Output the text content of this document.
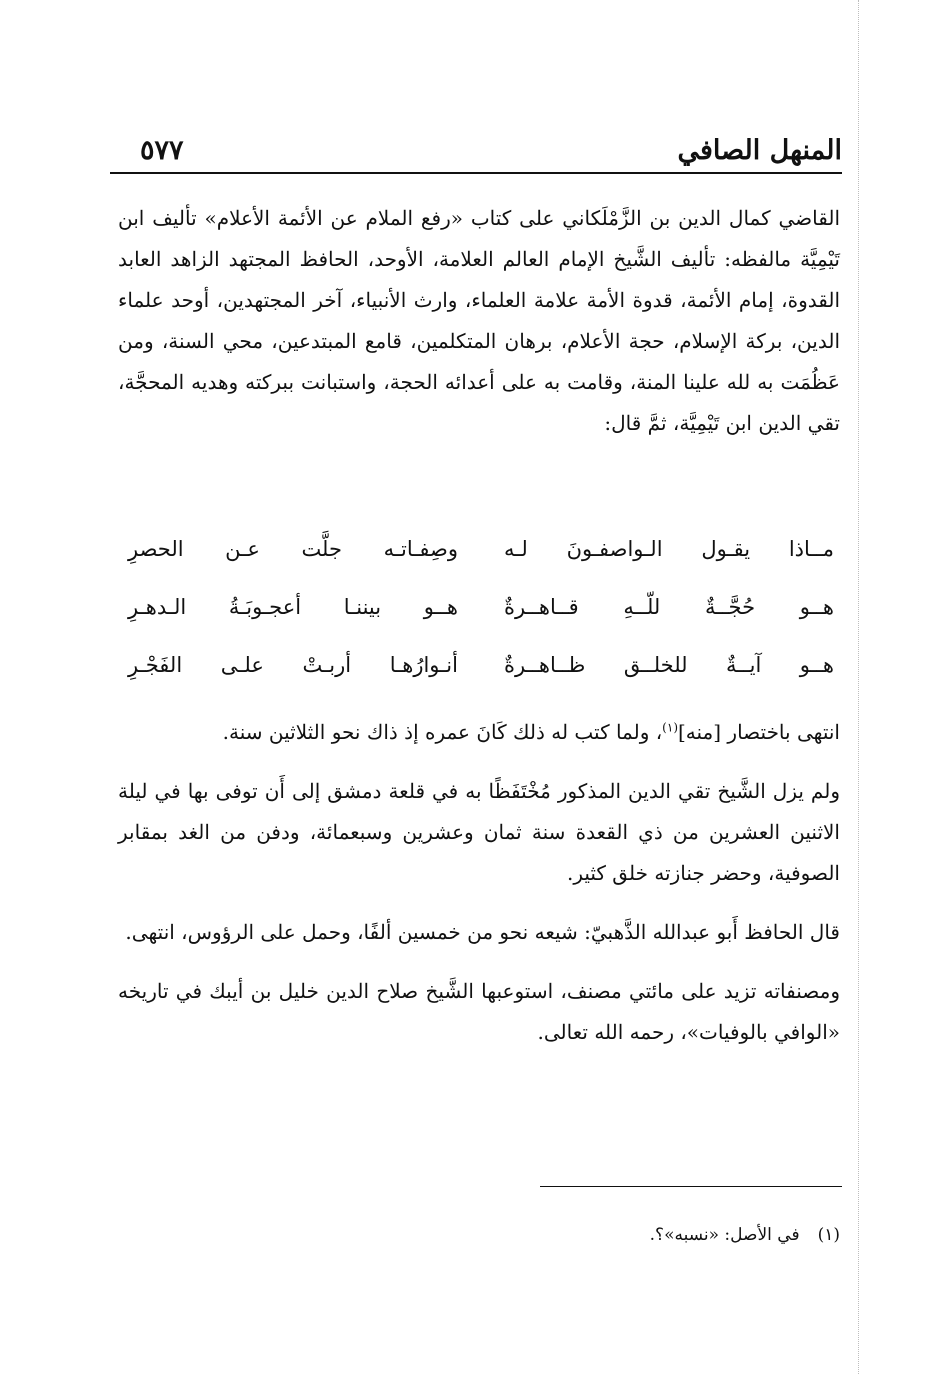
المنهل الصافي
٥٧٧

القاضي كمال الدين بن الزَّمْلَكاني على كتاب «رفع الملام عن الأئمة الأعلام» تأليف ابن تَيْمِيَّة مالفظه: تأليف الشَّيخ الإمام العالم العلامة، الأوحد، الحافظ المجتهد الزاهد العابد القدوة، إمام الأئمة، قدوة الأمة علامة العلماء، وارث الأنبياء، آخر المجتهدين، أوحد علماء الدين، بركة الإسلام، حجة الأعلام، برهان المتكلمين، قامع المبتدعين، محي السنة، ومن عَظُمَت به لله علينا المنة، وقامت به على أعدائه الحجة، واستبانت ببركته وهديه المحجَّة، تقي الدين ابن تَيْمِيَّة، ثمَّ قال:

مــاذا يقـول الـواصفـونَ لـه
وصِفـاتـه جلَّت عـن الحصرِ
هــو حُجَّــةٌ للّــهِ قــاهــرةٌ
هــو بيننـا أعجـوبَـةُ الـدهـرِ
هــو آيــةٌ للخلــق ظــاهــرةٌ
أنـوارُهـا أربـتْ علـى الفَجْـرِ

انتهى باختصار [منه]$^{(١)}$، ولما كتب له ذلك كَانَ عمره إذ ذاك نحو الثلاثين سنة.

ولم يزل الشَّيخ تقي الدين المذكور مُخْتَفَظًا به في قلعة دمشق إلى أَن توفى بها في ليلة الاثنين العشرين من ذي القعدة سنة ثمان وعشرين وسبعمائة، ودفن من الغد بمقابر الصوفية، وحضر جنازته خلق كثير.

قال الحافظ أَبو عبدالله الذَّهبيّ: شيعه نحو من خمسين ألفًا، وحمل على الرؤوس، انتهى.

ومصنفاته تزيد على مائتي مصنف، استوعبها الشَّيخ صلاح الدين خليل بن أيبك في تاريخه «الوافي بالوفيات»، رحمه الله تعالى.

(١)في الأصل: «نسبه»؟.
